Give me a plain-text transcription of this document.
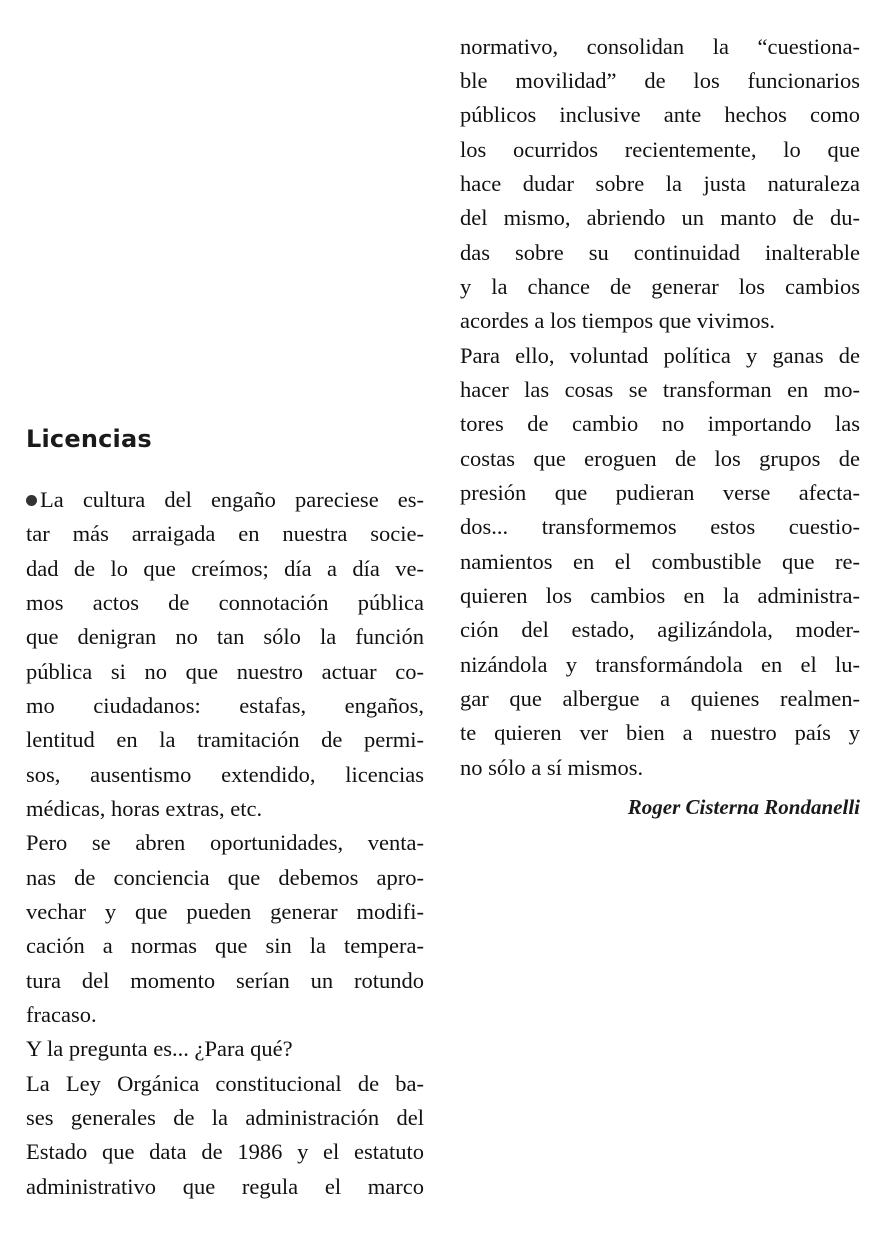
Licencias
La cultura del engaño pareciese es-
tar más arraigada en nuestra socie-
dad de lo que creímos; día a día ve-
mos actos de connotación pública
que denigran no tan sólo la función
pública si no que nuestro actuar co-
mo ciudadanos: estafas, engaños,
lentitud en la tramitación de permi-
sos, ausentismo extendido, licencias
médicas, horas extras, etc.
Pero se abren oportunidades, venta-
nas de conciencia que debemos apro-
vechar y que pueden generar modifi-
cación a normas que sin la tempera-
tura del momento serían un rotundo
fracaso.
Y la pregunta es... ¿Para qué?
La Ley Orgánica constitucional de ba-
ses generales de la administración del
Estado que data de 1986 y el estatuto
administrativo que regula el marco
normativo, consolidan la “cuestiona-
ble movilidad” de los funcionarios
públicos inclusive ante hechos como
los ocurridos recientemente, lo que
hace dudar sobre la justa naturaleza
del mismo, abriendo un manto de du-
das sobre su continuidad inalterable
y la chance de generar los cambios
acordes a los tiempos que vivimos.
Para ello, voluntad política y ganas de
hacer las cosas se transforman en mo-
tores de cambio no importando las
costas que eroguen de los grupos de
presión que pudieran verse afecta-
dos... transformemos estos cuestio-
namientos en el combustible que re-
quieren los cambios en la administra-
ción del estado, agilizándola, moder-
nizándola y transformándola en el lu-
gar que albergue a quienes realmen-
te quieren ver bien a nuestro país y
no sólo a sí mismos.
Roger Cisterna Rondanelli
